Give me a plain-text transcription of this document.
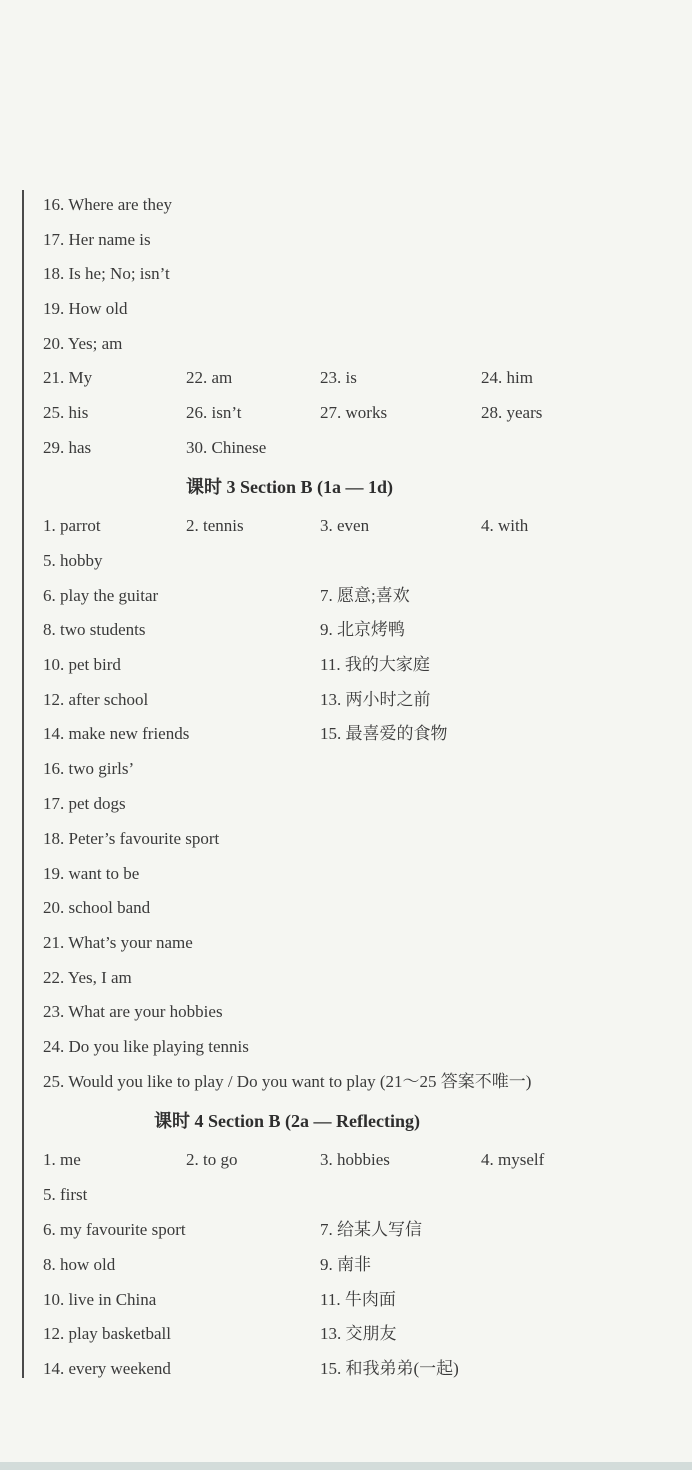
16. Where are they
17. Her name is
18. Is he; No; isn’t
19. How old
20. Yes; am
21. My	22. am	23. is	24. him
25. his	26. isn’t	27. works	28. years
29. has	30. Chinese
课时 3 Section B (1a — 1d)
1. parrot	2. tennis	3. even	4. with
5. hobby
6. play the guitar	7. 愿意;喜欢
8. two students	9. 北京烤鸭
10. pet bird	11. 我的大家庭
12. after school	13. 两小时之前
14. make new friends	15. 最喜爱的食物
16. two girls’
17. pet dogs
18. Peter’s favourite sport
19. want to be
20. school band
21. What’s your name
22. Yes, I am
23. What are your hobbies
24. Do you like playing tennis
25. Would you like to play / Do you want to play (21～25 答案不唯一)
课时 4 Section B (2a — Reflecting)
1. me	2. to go	3. hobbies	4. myself
5. first
6. my favourite sport	7. 给某人写信
8. how old	9. 南非
10. live in China	11. 牛肉面
12. play basketball	13. 交朋友
14. every weekend	15. 和我弟弟(一起)
